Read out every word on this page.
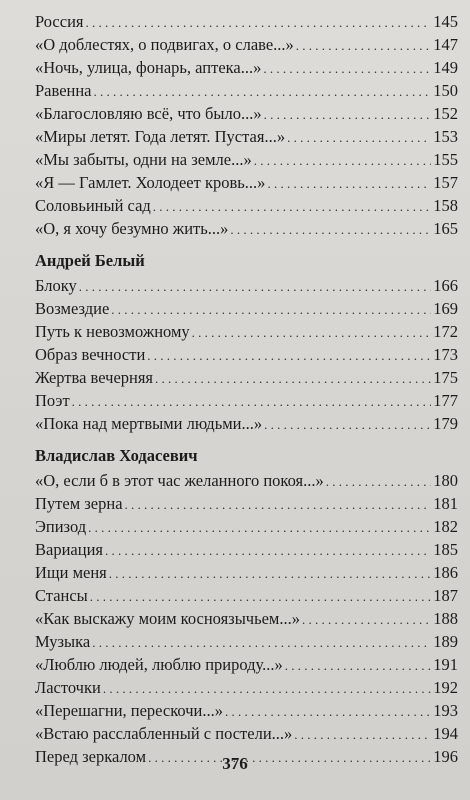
Россия . . .	145
«О доблестях, о подвигах, о славе...» . . .	147
«Ночь, улица, фонарь, аптека...» . . .	149
Равенна . . .	150
«Благословляю всё, что было...» . . .	152
«Миры летят. Года летят. Пустая...» . . .	153
«Мы забыты, одни на земле...» . . .	155
«Я — Гамлет. Холодеет кровь...» . . .	157
Соловьиный сад . . .	158
«О, я хочу безумно жить...» . . .	165
Андрей Белый
Блоку . . .	166
Возмездие . . .	169
Путь к невозможному . . .	172
Образ вечности . . .	173
Жертва вечерняя . . .	175
Поэт . . .	177
«Пока над мертвыми людьми...» . . .	179
Владислав Ходасевич
«О, если б в этот час желанного покоя...» . . .	180
Путем зерна . . .	181
Эпизод . . .	182
Вариация . . .	185
Ищи меня . . .	186
Стансы . . .	187
«Как выскажу моим косноязычьем...» . . .	188
Музыка . . .	189
«Люблю людей, люблю природу...» . . .	191
Ласточки . . .	192
«Перешагни, перескочи...» . . .	193
«Встаю расслабленный с постели...» . . .	194
Перед зеркалом . . .	196
376
